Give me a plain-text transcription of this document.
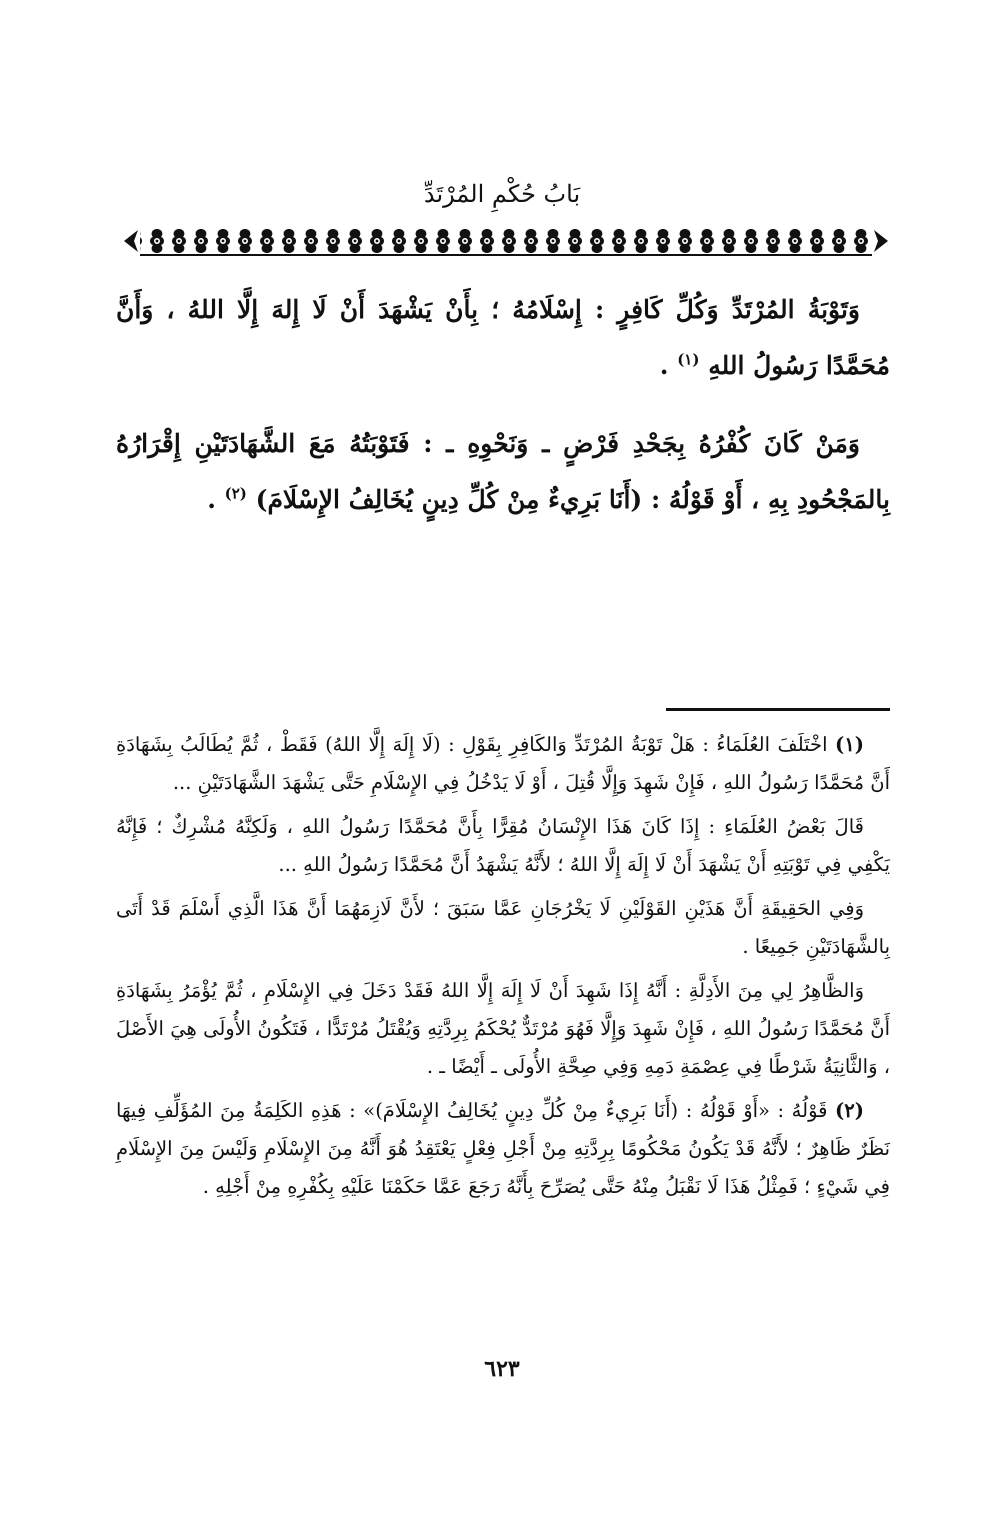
بَابُ حُكْمِ المُرْتَدِّ

وَتَوْبَةُ المُرْتَدِّ وَكُلِّ كَافِرٍ : إِسْلَامُهُ ؛ بِأَنْ يَشْهَدَ أَنْ لَا إِلهَ إِلَّا اللهُ ، وَأَنَّ مُحَمَّدًا رَسُولُ اللهِ $^{(١)}$ .

وَمَنْ كَانَ كُفْرُهُ بِجَحْدِ فَرْضٍ ـ وَنَحْوِهِ ـ : فَتَوْبَتُهُ مَعَ الشَّهَادَتَيْنِ إِقْرَارُهُ بِالمَجْحُودِ بِهِ ، أَوْ قَوْلُهُ : (أَنَا بَرِيءٌ مِنْ كُلِّ دِينٍ يُخَالِفُ الإِسْلَامَ) $^{(٢)}$ .

(١) اخْتَلَفَ العُلَمَاءُ : هَلْ تَوْبَةُ المُرْتَدِّ وَالكَافِرِ بِقَوْلِ : (لَا إِلَهَ إِلَّا اللهُ) فَقَطْ ، ثُمَّ يُطَالَبُ بِشَهَادَةِ أَنَّ مُحَمَّدًا رَسُولُ اللهِ ، فَإِنْ شَهِدَ وَإِلَّا قُتِلَ ، أَوْ لَا يَدْخُلُ فِي الإِسْلَامِ حَتَّى يَشْهَدَ الشَّهَادَتَيْنِ ...

قَالَ بَعْضُ العُلَمَاءِ : إِذَا كَانَ هَذَا الإِنْسَانُ مُقِرًّا بِأَنَّ مُحَمَّدًا رَسُولُ اللهِ ، وَلَكِنَّهُ مُشْرِكٌ ؛ فَإِنَّهُ يَكْفِي فِي تَوْبَتِهِ أَنْ يَشْهَدَ أَنْ لَا إِلَهَ إِلَّا اللهُ ؛ لأَنَّهُ يَشْهَدُ أَنَّ مُحَمَّدًا رَسُولُ اللهِ ...

وَفِي الحَقِيقَةِ أَنَّ هَذَيْنِ القَوْلَيْنِ لَا يَخْرُجَانِ عَمَّا سَبَقَ ؛ لأَنَّ لَازِمَهُمَا أَنَّ هَذَا الَّذِي أَسْلَمَ قَدْ أَتَى بِالشَّهَادَتَيْنِ جَمِيعًا .

وَالظَّاهِرُ لِي مِنَ الأَدِلَّةِ : أَنَّهُ إِذَا شَهِدَ أَنْ لَا إِلَهَ إِلَّا اللهُ فَقَدْ دَخَلَ فِي الإِسْلَامِ ، ثُمَّ يُؤْمَرُ بِشَهَادَةِ أَنَّ مُحَمَّدًا رَسُولُ اللهِ ، فَإِنْ شَهِدَ وَإِلَّا فَهُوَ مُرْتَدٌّ يُحْكَمُ بِرِدَّتِهِ وَيُقْتَلُ مُرْتَدًّا ، فَتَكُونُ الأُولَى هِيَ الأَصْلَ ، وَالثَّانِيَةُ شَرْطًا فِي عِصْمَةِ دَمِهِ وَفِي صِحَّةِ الأُولَى ـ أَيْضًا ـ .

(٢) قَوْلُهُ : «أَوْ قَوْلُهُ : (أَنَا بَرِيءٌ مِنْ كُلِّ دِينٍ يُخَالِفُ الإِسْلَامَ)» : هَذِهِ الكَلِمَةُ مِنَ المُؤَلِّفِ فِيهَا نَظَرٌ ظَاهِرٌ ؛ لأَنَّهُ قَدْ يَكُونُ مَحْكُومًا بِرِدَّتِهِ مِنْ أَجْلِ فِعْلٍ يَعْتَقِدُ هُوَ أَنَّهُ مِنَ الإِسْلَامِ وَلَيْسَ مِنَ الإِسْلَامِ فِي شَيْءٍ ؛ فَمِثْلُ هَذَا لَا نَقْبَلُ مِنْهُ حَتَّى يُصَرِّحَ بِأَنَّهُ رَجَعَ عَمَّا حَكَمْنَا عَلَيْهِ بِكُفْرِهِ مِنْ أَجْلِهِ .

٦٢٣
